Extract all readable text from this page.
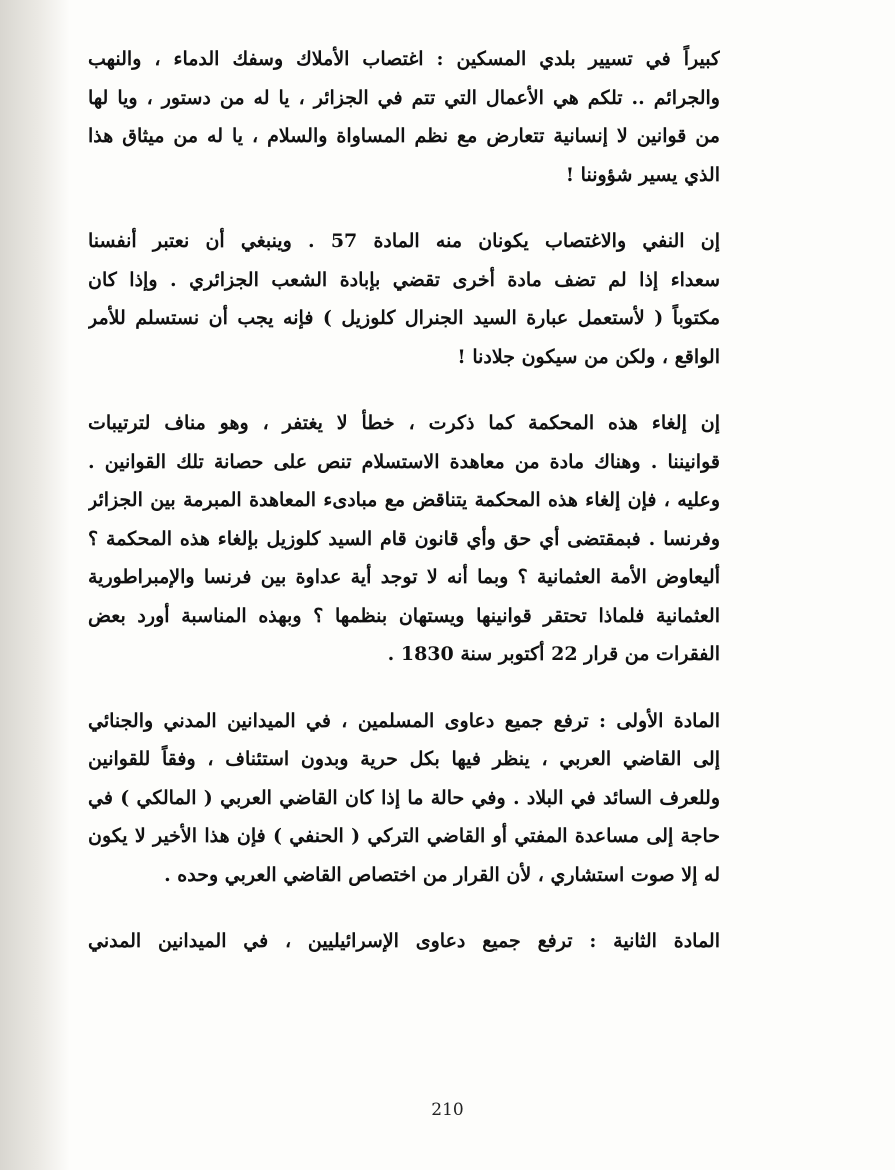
كبيراً في تسيير بلدي المسكين : اغتصاب الأملاك وسفك الدماء ، والنهب
والجرائم .. تلكم هي الأعمال التي تتم في الجزائر ، يا له من دستور ، ويا لها
من قوانين لا إنسانية تتعارض مع نظم المساواة والسلام ، يا له من ميثاق هذا
الذي يسير شؤوننا !
إن النفي والاغتصاب يكونان منه المادة 57 . وينبغي أن نعتبر أنفسنا
سعداء إذا لم تضف مادة أخرى تقضي بإبادة الشعب الجزائري . وإذا كان
مكتوباً ( لأستعمل عبارة السيد الجنرال كلوزيل ) فإنه يجب أن نستسلم للأمر
الواقع ، ولكن من سيكون جلادنا !
إن إلغاء هذه المحكمة كما ذكرت ، خطأ لا يغتفر ، وهو مناف لترتيبات
قوانيننا . وهناك مادة من معاهدة الاستسلام تنص على حصانة تلك القوانين .
وعليه ، فإن إلغاء هذه المحكمة يتناقض مع مبادىء المعاهدة المبرمة بين الجزائر
وفرنسا . فبمقتضى أي حق وأي قانون قام السيد كلوزيل بإلغاء هذه المحكمة ؟
أليعاوض الأمة العثمانية ؟ وبما أنه لا توجد أية عداوة بين فرنسا والإمبراطورية
العثمانية فلماذا تحتقر قوانينها ويستهان بنظمها ؟ وبهذه المناسبة أورد بعض
الفقرات من قرار 22 أكتوبر سنة 1830 .
المادة الأولى : ترفع جميع دعاوى المسلمين ، في الميدانين المدني والجنائي
إلى القاضي العربي ، ينظر فيها بكل حرية وبدون استئناف ، وفقاً للقوانين
وللعرف السائد في البلاد . وفي حالة ما إذا كان القاضي العربي ( المالكي ) في
حاجة إلى مساعدة المفتي أو القاضي التركي ( الحنفي ) فإن هذا الأخير لا يكون
له إلا صوت استشاري ، لأن القرار من اختصاص القاضي العربي وحده .
المادة الثانية : ترفع جميع دعاوى الإسرائيليين ، في الميدانين المدني
210
